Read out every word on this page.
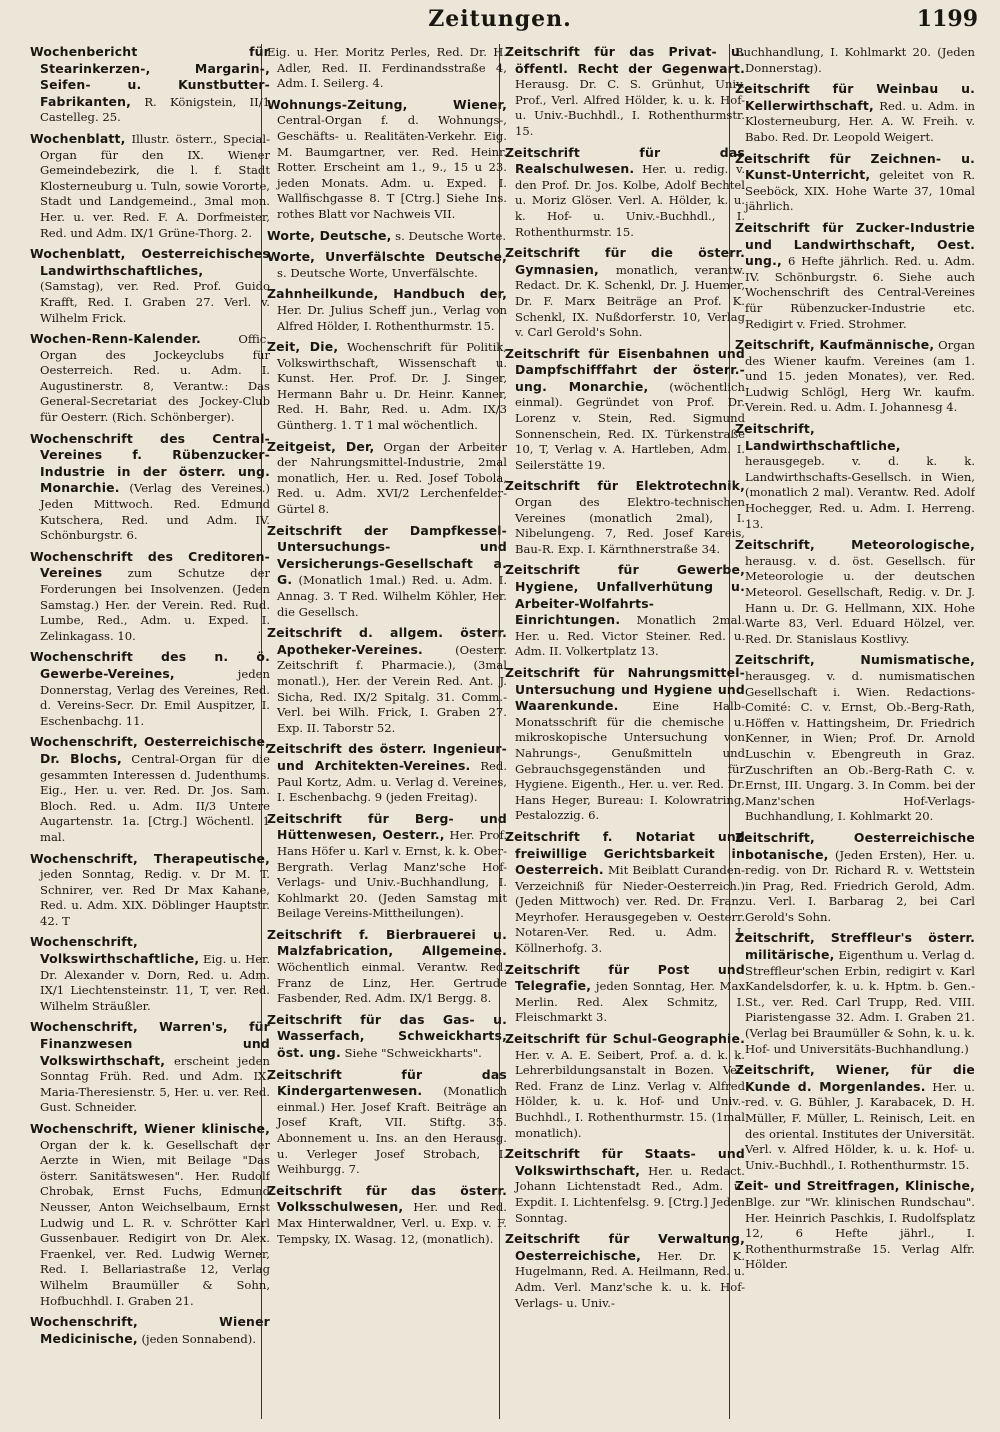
Zeitungen.	1199

Wochenbericht für Stearinkerzen-, Margarin-, Seifen- u. Kunstbutter-Fabrikanten, R. Königstein, II/1 Castelleg. 25.

Wochenblatt, Illustr. österr., Special-Organ für den IX. Wiener Gemeindebezirk, die l. f. Stadt Klosterneuburg u. Tuln, sowie Vororte, Stadt und Landgemeind., 3mal mon. Her. u. ver. Red. F. A. Dorfmeister, Red. und Adm. IX/1 Grüne-Thorg. 2.

Wochenblatt, Oesterreichisches Landwirthschaftliches, (Samstag), ver. Red. Prof. Guido Krafft, Red. I. Graben 27. Verl. v. Wilhelm Frick.

Wochen-Renn-Kalender.	Offic. Organ des Jockeyclubs für Oesterreich. Red. u. Adm. I. Augustinerstr. 8, Verantw.: Das General-Secretariat des Jockey-Club für Oesterr. (Rich. Schönberger).

Wochenschrift des Central-Vereines f. Rübenzucker-Industrie in der österr. ung. Monarchie. (Verlag des Vereines.) Jeden Mittwoch. Red. Edmund Kutschera, Red. und Adm. IV. Schönburgstr. 6.

Wochenschrift des Creditoren-Vereines zum Schutze der Forderungen bei Insolvenzen. (Jeden Samstag.) Her. der Verein. Red. Rud. Lumbe, Red., Adm. u. Exped. I. Zelinkagass. 10.

Wochenschrift des n. ö. Gewerbe-Vereines,	jeden Donnerstag, Verlag des Vereines, Red. d. Vereins-Secr. Dr. Emil Auspitzer, I. Eschenbachg. 11.

Wochenschrift, Oesterreichische, Dr. Blochs, Central-Organ für die gesammten Interessen d. Judenthums. Eig., Her. u. ver. Red. Dr. Jos. Sam. Bloch. Red. u. Adm. II/3 Untere Augartenstr. 1a. [Ctrg.] Wöchentl. 1 mal.

Wochenschrift, Therapeutische, jeden Sonntag, Redig. v. Dr M. T. Schnirer, ver. Red Dr Max Kahane, Red. u. Adm. XIX. Döblinger Hauptstr. 42. T

Wochenschrift, Volkswirthschaftliche, Eig. u. Her. Dr. Alexander v. Dorn, Red. u. Adm. IX/1 Liechtensteinstr. 11, T, ver. Red. Wilhelm Sträußler.

Wochenschrift, Warren's, für Finanzwesen und Volkswirthschaft, erscheint jeden Sonntag Früh. Red. und Adm. IX. Maria-Theresienstr. 5, Her. u. ver. Red. Gust. Schneider.

Wochenschrift, Wiener klinische, Organ der k. k. Gesellschaft der Aerzte in Wien, mit Beilage "Das österr. Sanitätswesen". Her. Rudolf Chrobak, Ernst Fuchs, Edmund Neusser, Anton Weichselbaum, Ernst Ludwig und L. R. v. Schrötter Karl Gussenbauer. Redigirt von Dr. Alex. Fraenkel, ver. Red. Ludwig Werner, Red. I. Bellariastraße 12, Verlag Wilhelm Braumüller & Sohn, Hofbuchhdl. I. Graben 21.

Wochenschrift, Wiener Medicinische, (jeden Sonnabend).

Eig. u. Her. Moritz Perles, Red. Dr. H. Adler, Red. II. Ferdinandsstraße 4, Adm. I. Seilerg. 4.

Wohnungs-Zeitung, Wiener, Central-Organ f. d. Wohnungs-, Geschäfts- u. Realitäten-Verkehr. Eig. M. Baumgartner, ver. Red. Heinr. Rotter. Erscheint am 1., 9., 15 u 23. jeden Monats. Adm. u. Exped. I. Wallfischgasse 8. T [Ctrg.] Siehe Ins. rothes Blatt vor Nachweis VII.

Worte, Deutsche, s. Deutsche Worte.

Worte, Unverfälschte Deutsche, s. Deutsche Worte, Unverfälschte.

Zahnheilkunde, Handbuch der, Her. Dr. Julius Scheff jun., Verlag von Alfred Hölder, I. Rothenthurmstr. 15.

Zeit, Die, Wochenschrift für Politik, Volkswirthschaft, Wissenschaft u. Kunst. Her. Prof. Dr. J. Singer, Hermann Bahr u. Dr. Heinr. Kanner, Red. H. Bahr, Red. u. Adm. IX/3 Güntherg. 1. T 1 mal wöchentlich.

Zeitgeist, Der, Organ der Arbeiter der Nahrungsmittel-Industrie, 2mal monatlich, Her. u. Red. Josef Tobola, Red. u. Adm. XVI/2 Lerchenfelder-Gürtel 8.

Zeitschrift der Dampfkessel-Untersuchungs- und Versicherungs-Gesellschaft a. G. (Monatlich 1mal.) Red. u. Adm. I. Annag. 3. T Red. Wilhelm Köhler, Her. die Gesellsch.

Zeitschrift d. allgem. österr. Apotheker-Vereines.	(Oesterr. Zeitschrift f. Pharmacie.), (3mal monatl.), Her. der Verein Red. Ant. J. Sicha, Red. IX/2 Spitalg. 31. Comm.-Verl. bei Wilh. Frick, I. Graben 27. Exp. II. Taborstr 52.

Zeitschrift des österr. Ingenieur- und Architekten-Vereines. Red. Paul Kortz, Adm. u. Verlag d. Vereines, I. Eschenbachg. 9 (jeden Freitag).

Zeitschrift für Berg- und Hüttenwesen, Oesterr., Her. Prof. Hans Höfer u. Karl v. Ernst, k. k. Ober-Bergrath. Verlag Manz'sche Hof-Verlags- und Univ.-Buchhandlung, I. Kohlmarkt 20. (Jeden Samstag mit Beilage Vereins-Mittheilungen).

Zeitschrift f. Bierbrauerei u. Malzfabrication, Allgemeine. Wöchentlich einmal. Verantw. Red. Franz de Linz, Her. Gertrude Fasbender, Red. Adm. IX/1 Bergg. 8.

Zeitschrift für das Gas- u. Wasserfach, Schweickharts, öst. ung. Siehe "Schweickharts".

Zeitschrift für das Kindergartenwesen. (Monatlich einmal.) Her. Josef Kraft. Beiträge an Josef Kraft, VII. Stiftg. 35. Abonnement u. Ins. an den Herausg. u. Verleger Josef Strobach, I. Weihburgg. 7.

Zeitschrift für das österr. Volksschulwesen, Her. und Red. Max Hinterwaldner, Verl. u. Exp. v. F. Tempsky, IX. Wasag. 12, (monatlich).

Zeitschrift für das Privat- u. öffentl. Recht der Gegenwart. Herausg. Dr. C. S. Grünhut, Univ. Prof., Verl. Alfred Hölder, k. u. k. Hof- u. Univ.-Buchhdl., I. Rothenthurmstr. 15.

Zeitschrift für das Realschulwesen. Her. u. redig. v. den Prof. Dr. Jos. Kolbe, Adolf Bechtel u. Moriz Glöser. Verl. A. Hölder, k. u. k. Hof- u. Univ.-Buchhdl., I. Rothenthurmstr. 15.

Zeitschrift für die österr. Gymnasien, monatlich, verantw. Redact. Dr. K. Schenkl, Dr. J. Huemer, Dr. F. Marx Beiträge an Prof. K. Schenkl, IX. Nußdorferstr. 10, Verlag v. Carl Gerold's Sohn.

Zeitschrift für Eisenbahnen und Dampfschifffahrt der österr.-ung. Monarchie, (wöchentlich einmal). Gegründet von Prof. Dr. Lorenz v. Stein, Red. Sigmund Sonnenschein, Red. IX. Türkenstraße 10, T, Verlag v. A. Hartleben, Adm. I. Seilerstätte 19.

Zeitschrift für Elektrotechnik, Organ des Elektro-technischen Vereines (monatlich 2mal), I. Nibelungeng. 7, Red. Josef Kareis, Bau-R. Exp. I. Kärnthnerstraße 34.

Zeitschrift für Gewerbe, Hygiene, Unfallverhütung u. Arbeiter-Wolfahrts-Einrichtungen. Monatlich 2mal. Her. u. Red. Victor Steiner. Red. u. Adm. II. Volkertplatz 13.

Zeitschrift für Nahrungsmittel-Untersuchung und Hygiene und Waarenkunde.	Eine Halb-Monatsschrift für die chemische u. mikroskopische Untersuchung von Nahrungs-, Genußmitteln und Gebrauchsgegenständen und für Hygiene. Eigenth., Her. u. ver. Red. Dr. Hans Heger, Bureau: I. Kolowratring, Pestalozzig. 6.

Zeitschrift f. Notariat und freiwillige Gerichtsbarkeit in Oesterreich. Mit Beiblatt Curanden-Verzeichniß für Nieder-Oesterreich.) (Jeden Mittwoch) ver. Red. Dr. Franz Meyrhofer. Herausgegeben v. Oesterr. Notaren-Ver. Red. u. Adm. I. Köllnerhofg. 3.

Zeitschrift für Post und Telegrafie, jeden Sonntag, Her. Max Merlin. Red. Alex Schmitz, I. Fleischmarkt 3.

Zeitschrift für Schul-Geographie. Her. v. A. E. Seibert, Prof. a. d. k. k. Lehrerbildungsanstalt in Bozen. Ver. Red. Franz de Linz. Verlag v. Alfred Hölder, k. u. k. Hof- und Univ.-Buchhdl., I. Rothenthurmstr. 15. (1mal monatlich).

Zeitschrift für Staats- und Volkswirthschaft, Her. u. Redact. Johann Lichtenstadt Red., Adm. u. Expdit. I. Lichtenfelsg. 9. [Ctrg.] Jeden Sonntag.

Zeitschrift für Verwaltung, Oesterreichische, Her. Dr. K. Hugelmann, Red. A. Heilmann, Red. u. Adm. Verl. Manz'sche k. u. k. Hof-Verlags- u. Univ.-

Buchhandlung, I. Kohlmarkt 20. (Jeden Donnerstag).

Zeitschrift für Weinbau u. Kellerwirthschaft, Red. u. Adm. in Klosterneuburg, Her. A. W. Freih. v. Babo. Red. Dr. Leopold Weigert.

Zeitschrift für Zeichnen- u. Kunst-Unterricht, geleitet von R. Seeböck, XIX. Hohe Warte 37, 10mal jährlich.

Zeitschrift für Zucker-Industrie und Landwirthschaft, Oest. ung., 6 Hefte jährlich. Red. u. Adm. IV. Schönburgstr. 6. Siehe auch Wochenschrift des Central-Vereines für Rübenzucker-Industrie etc. Redigirt v. Fried. Strohmer.

Zeitschrift, Kaufmännische, Organ des Wiener kaufm. Vereines (am 1. und 15. jeden Monates), ver. Red. Ludwig Schlögl, Herg Wr. kaufm. Verein. Red. u. Adm. I. Johannesg 4.

Zeitschrift, Landwirthschaftliche, herausgegeb. v. d. k. k. Landwirthschafts-Gesellsch. in Wien, (monatlich 2 mal). Verantw. Red. Adolf Hochegger, Red. u. Adm. I. Herreng. 13.

Zeitschrift, Meteorologische, herausg. v. d. öst. Gesellsch. für Meteorologie u. der deutschen Meteorol. Gesellschaft, Redig. v. Dr. J. Hann u. Dr. G. Hellmann, XIX. Hohe Warte 83, Verl. Eduard Hölzel, ver. Red. Dr. Stanislaus Kostlivy.

Zeitschrift, Numismatische, herausgeg. v. d. numismatischen Gesellschaft i. Wien. Redactions-Comité: C. v. Ernst, Ob.-Berg-Rath, Höffen v. Hattingsheim, Dr. Friedrich Kenner, in Wien; Prof. Dr. Arnold Luschin v. Ebengreuth in Graz. Zuschriften an Ob.-Berg-Rath C. v. Ernst, III. Ungarg. 3. In Comm. bei der Manz'schen Hof-Verlags-Buchhandlung, I. Kohlmarkt 20.

Zeitschrift, Oesterreichische botanische, (Jeden Ersten), Her. u. redig. von Dr. Richard R. v. Wettstein in Prag, Red. Friedrich Gerold, Adm. u. Verl. I. Barbarag 2, bei Carl Gerold's Sohn.

Zeitschrift, Streffleur's österr. militärische, Eigenthum u. Verlag d. Streffleur'schen Erbin, redigirt v. Karl Kandelsdorfer, k. u. k. Hptm. b. Gen.-St., ver. Red. Carl Trupp, Red. VIII. Piaristengasse 32. Adm. I. Graben 21. (Verlag bei Braumüller & Sohn, k. u. k. Hof- und Universitäts-Buchhandlung.)

Zeitschrift, Wiener, für die Kunde d. Morgenlandes. Her. u. red. v. G. Bühler, J. Karabacek, D. H. Müller, F. Müller, L. Reinisch, Leit. en des oriental. Institutes der Universität. Verl. v. Alfred Hölder, k. u. k. Hof- u. Univ.-Buchhdl., I. Rothenthurmstr. 15.

Zeit- und Streitfragen, Klinische, Blge. zur "Wr. klinischen Rundschau". Her. Heinrich Paschkis, I. Rudolfsplatz 12, 6 Hefte jährl., I. Rothenthurmstraße 15. Verlag Alfr. Hölder.
